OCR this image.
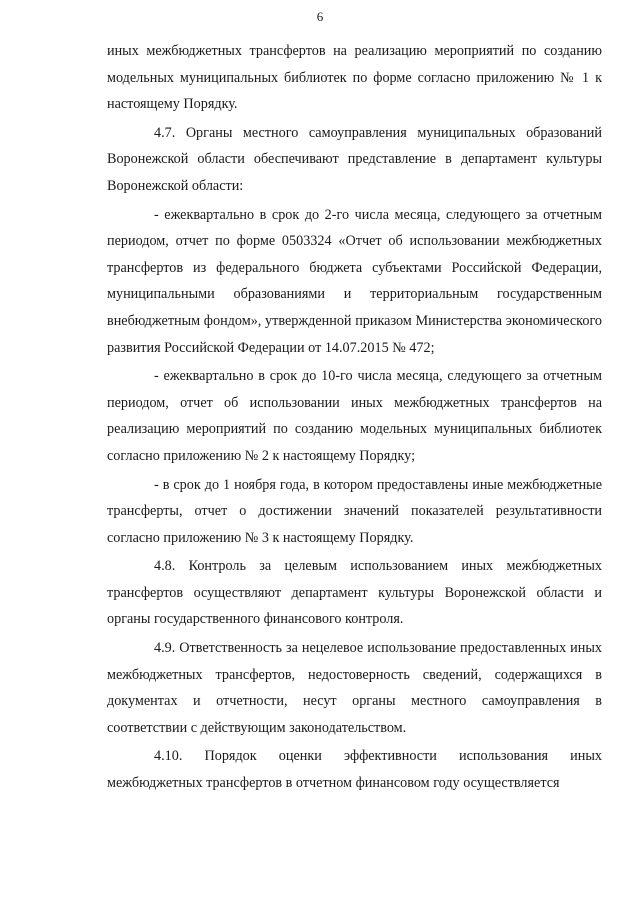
6

иных межбюджетных трансфертов на реализацию мероприятий по созданию модельных муниципальных библиотек по форме согласно приложению № 1 к настоящему Порядку.

4.7. Органы местного самоуправления муниципальных образований Воронежской области обеспечивают представление в департамент культуры Воронежской области:

- ежеквартально в срок до 2-го числа месяца, следующего за отчетным периодом, отчет по форме 0503324 «Отчет об использовании межбюджетных трансфертов из федерального бюджета субъектами Российской Федерации, муниципальными образованиями и территориальным государственным внебюджетным фондом», утвержденной приказом Министерства экономического развития Российской Федерации от 14.07.2015 № 472;

- ежеквартально в срок до 10-го числа месяца, следующего за отчетным периодом, отчет об использовании иных межбюджетных трансфертов на реализацию мероприятий по созданию модельных муниципальных библиотек согласно приложению № 2 к настоящему Порядку;

- в срок до 1 ноября года, в котором предоставлены иные межбюджетные трансферты, отчет о достижении значений показателей результативности согласно приложению № 3 к настоящему Порядку.

4.8. Контроль за целевым использованием иных межбюджетных трансфертов осуществляют департамент культуры Воронежской области и органы государственного финансового контроля.

4.9. Ответственность за нецелевое использование предоставленных иных межбюджетных трансфертов, недостоверность сведений, содержащихся в документах и отчетности, несут органы местного самоуправления в соответствии с действующим законодательством.

4.10. Порядок оценки эффективности использования иных межбюджетных трансфертов в отчетном финансовом году осуществляется
